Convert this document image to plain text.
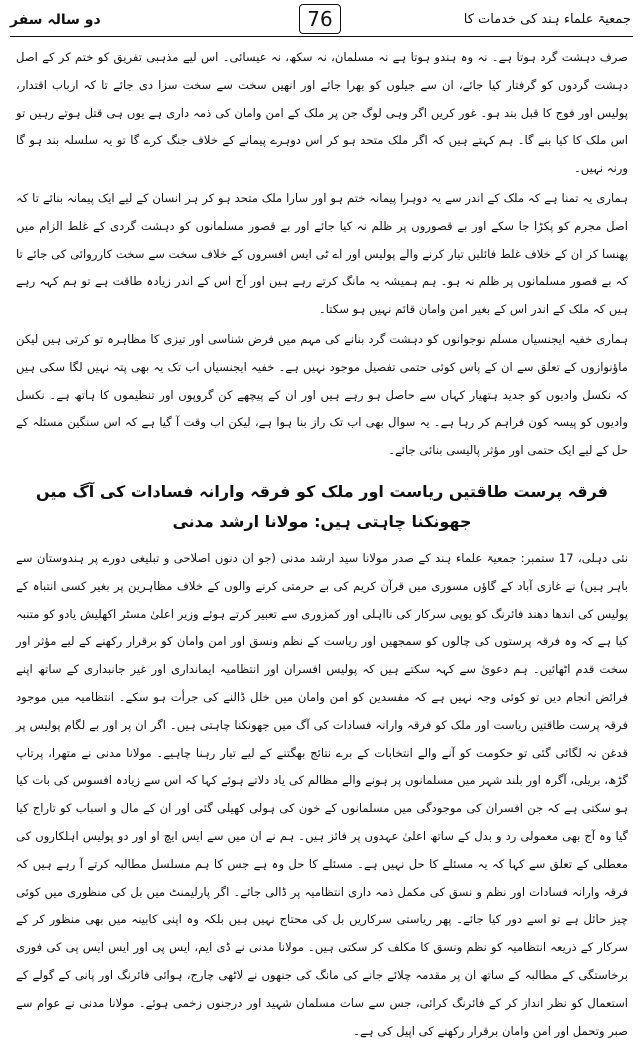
دو سالہ سفر	76	جمعیۃ علماء ہند کی خدمات کا

صرف دہشت گرد ہوتا ہے۔ نہ وہ ہندو ہوتا ہے نہ مسلمان، نہ سکھ، نہ عیسائی۔ اس لیے مذہبی تفریق کو ختم کر کے اصل دہشت گردوں کو گرفتار کیا جائے، ان سے جیلوں کو بھرا جائے اور انھیں سخت سے سخت سزا دی جائے تا کہ ارباب اقتدار، پولیس اور فوج کا قبل بند ہو۔ غور کریں اگر وہی لوگ جن پر ملک کے امن وامان کی ذمہ داری ہے یوں ہی قتل ہوتے رہیں تو اس ملک کا کیا بنے گا۔ ہم کہتے ہیں کہ اگر ملک متحد ہو کر اس دوہرے پیمانے کے خلاف جنگ کرے گا تو یہ سلسلہ بند ہو گا ورنہ نہیں۔

ہماری یہ تمنا ہے کہ ملک کے اندر سے یہ دوہرا پیمانہ ختم ہو اور سارا ملک متحد ہو کر ہر انسان کے لیے ایک پیمانہ بنائے تا کہ اصل مجرم کو پکڑا جا سکے اور بے قصوروں پر ظلم نہ کیا جائے اور بے قصور مسلمانوں کو دہشت گردی کے غلط الزام میں پھنسا کر ان کے خلاف غلط فائلیں تیار کرنے والے پولیس اور اے ٹی ایس افسروں کے خلاف سخت سے سخت کارروائی کی جائے تا کہ بے قصور مسلمانوں پر ظلم نہ ہو۔ ہم ہمیشہ یہ مانگ کرتے رہے ہیں اور آج اس کے اندر زیادہ طاقت ہے تو ہم کہہ رہے ہیں کہ ملک کے اندر اس کے بغیر امن وامان قائم نہیں ہو سکتا۔

ہماری خفیہ ایجنسیاں مسلم نوجوانوں کو دہشت گرد بنانے کی مہم میں فرض شناسی اور تیزی کا مظاہرہ تو کرتی ہیں لیکن ماؤنوازوں کے تعلق سے ان کے پاس کوئی حتمی تفصیل موجود نہیں ہے۔ خفیہ ایجنسیاں اب تک یہ بھی پتہ نہیں لگا سکی ہیں کہ نکسل وادیوں کو جدید ہتھیار کہاں سے حاصل ہو رہے ہیں اور ان کے پیچھے کن گروپوں اور تنظیموں کا ہاتھ ہے۔ نکسل وادیوں کو پیسہ کون فراہم کر رہا ہے۔ یہ سوال بھی اب تک راز بنا ہوا ہے، لیکن اب وقت آ گیا ہے کہ اس سنگین مسئلہ کے حل کے لیے ایک حتمی اور مؤثر پالیسی بنائی جائے۔

فرقہ پرست طاقتیں ریاست اور ملک کو فرقہ وارانہ فسادات کی آگ میں جھونکنا چاہتی ہیں: مولانا ارشد مدنی

نئی دہلی، 17 ستمبر: جمعیۃ علماء ہند کے صدر مولانا سید ارشد مدنی (جو ان دنوں اصلاحی و تبلیغی دورے پر ہندوستان سے باہر ہیں) نے غازی آباد کے گاؤں مسوری میں قرآن کریم کی بے حرمتی کرنے والوں کے خلاف مظاہرین پر بغیر کسی انتباہ کے پولیس کی اندھا دھند فائرنگ کو یوپی سرکار کی نااہلی اور کمزوری سے تعبیر کرتے ہوئے وزیر اعلیٰ مسٹر اکھلیش یادو کو متنبہ کیا ہے کہ وہ فرقہ پرستوں کی چالوں کو سمجھیں اور ریاست کے نظم ونسق اور امن وامان کو برقرار رکھنے کے لیے مؤثر اور سخت قدم اٹھائیں۔ ہم دعویٰ سے کہہ سکتے ہیں کہ پولیس افسران اور انتظامیہ ایمانداری اور غیر جانبداری کے ساتھ اپنے فرائض انجام دیں تو کوئی وجہ نہیں ہے کہ مفسدین کو امن وامان میں خلل ڈالنے کی جرأت ہو سکے۔ انتظامیہ میں موجود فرقہ پرست طاقتیں ریاست اور ملک کو فرقہ وارانہ فسادات کی آگ میں جھونکنا چاہتی ہیں۔ اگر ان پر اور بے لگام پولیس پر قدغن نہ لگائی گئی تو حکومت کو آنے والے انتخابات کے برے نتائج بھگتنے کے لیے تیار رہنا چاہیے۔ مولانا مدنی نے متھرا، پرتاپ گڑھ، بریلی، آگرہ اور بلند شہر میں مسلمانوں پر ہونے والے مظالم کی یاد دلاتے ہوئے کہا کہ اس سے زیادہ افسوس کی بات کیا ہو سکتی ہے کہ جن افسران کی موجودگی میں مسلمانوں کے خون کی ہولی کھیلی گئی اور ان کے مال و اسباب کو تاراج کیا گیا وہ آج بھی معمولی رد و بدل کے ساتھ اعلیٰ عہدوں پر فائز ہیں۔ ہم نے ان میں سے ایس ایچ او اور دو پولیس اہلکاروں کی معطلی کے تعلق سے کہا کہ یہ مسئلے کا حل نہیں ہے۔ مسئلے کا حل وہ ہے جس کا ہم مسلسل مطالبہ کرتے آ رہے ہیں کہ فرقہ وارانہ فسادات اور نظم و نسق کی مکمل ذمہ داری انتظامیہ پر ڈالی جائے۔ اگر پارلیمنٹ میں بل کی منظوری میں کوئی چیز حائل ہے تو اسے دور کیا جائے۔ پھر ریاستی سرکاریں بل کی محتاج نہیں ہیں بلکہ وہ اپنی کابینہ میں بھی منظور کر کے سرکار کے ذریعہ انتظامیہ کو نظم ونسق کا مکلف کر سکتی ہیں۔ مولانا مدنی نے ڈی ایم، ایس پی اور ایس ایس پی کی فوری برخاستگی کے مطالبہ کے ساتھ ان پر مقدمہ چلائے جانے کی مانگ کی جنھوں نے لاٹھی چارج، ہوائی فائرنگ اور پانی کے گولے کے استعمال کو نظر انداز کر کے فائرنگ کرائی، جس سے سات مسلمان شہید اور درجنوں زخمی ہوئے۔ مولانا مدنی نے عوام سے صبر وتحمل اور امن وامان برقرار رکھنے کی اپیل کی ہے۔
